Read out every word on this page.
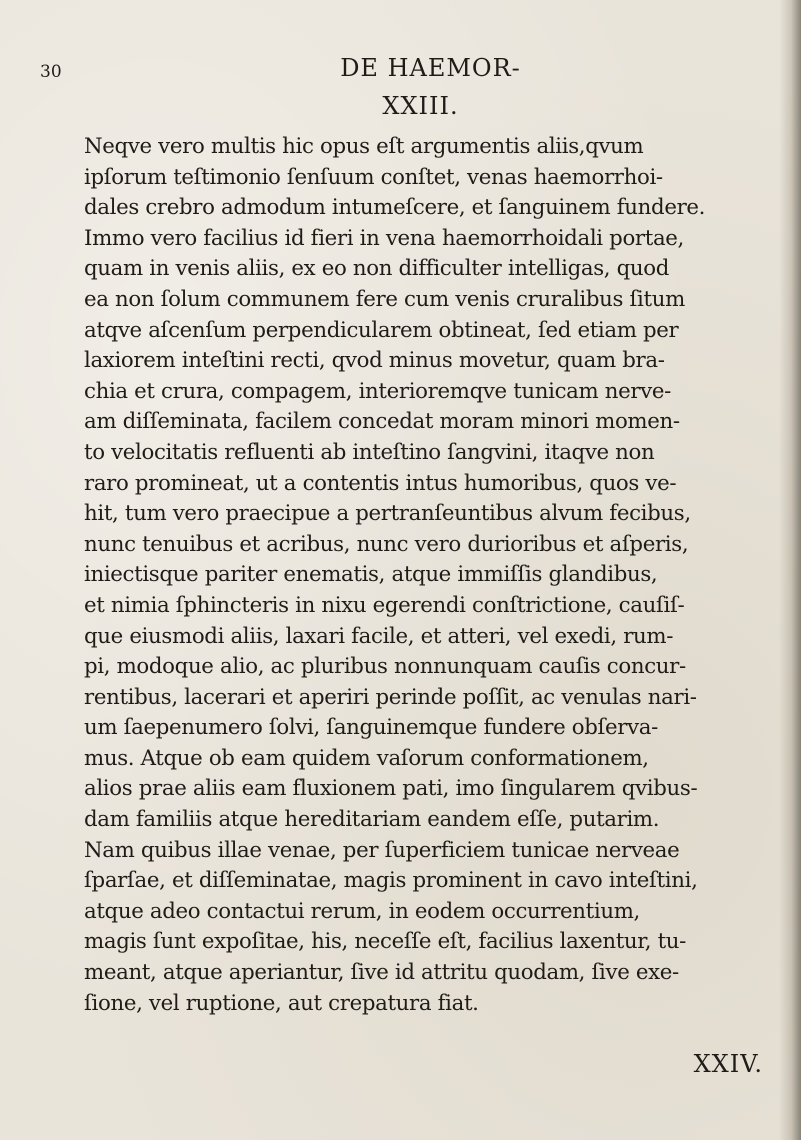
30	DE HAEMOR-
XXIII.
Neqve vero multis hic opus eſt argumentis aliis,qvum
ipſorum teſtimonio ſenſuum conſtet, venas haemorrhoi-
dales crebro admodum intumeſcere, et ſanguinem fundere.
Immo vero facilius id fieri in vena haemorrhoidali portae,
quam in venis aliis, ex eo non difficulter intelligas, quod
ea non ſolum communem fere cum venis cruralibus ſitum
atqve aſcenſum perpendicularem obtineat, ſed etiam per
laxiorem inteſtini recti, qvod minus movetur, quam bra-
chia et crura, compagem, interioremqve tunicam nerve-
am diſſeminata, facilem concedat moram minori momen-
to velocitatis refluenti ab inteſtino ſangvini, itaqve non
raro promineat, ut a contentis intus humoribus, quos ve-
hit, tum vero praecipue a pertranſeuntibus alvum fecibus,
nunc tenuibus et acribus, nunc vero durioribus et aſperis,
iniectisque pariter enematis, atque immiſſis glandibus,
et nimia ſphincteris in nixu egerendi conſtrictione, cauſiſ-
que eiusmodi aliis, laxari facile, et atteri, vel exedi, rum-
pi, modoque alio, ac pluribus nonnunquam cauſis concur-
rentibus, lacerari et aperiri perinde poſſit, ac venulas nari-
um ſaepenumero ſolvi, ſanguinemque fundere obſerva-
mus. Atque ob eam quidem vaſorum conformationem,
alios prae aliis eam fluxionem pati, imo ſingularem qvibus-
dam familiis atque hereditariam eandem eſſe, putarim.
Nam quibus illae venae, per ſuperficiem tunicae nerveae
ſparſae, et diſſeminatae, magis prominent in cavo inteſtini,
atque adeo contactui rerum, in eodem occurrentium,
magis ſunt expoſitae, his, neceſſe eſt, facilius laxentur, tu-
meant, atque aperiantur, ſive id attritu quodam, ſive exe-
ſione, vel ruptione, aut crepatura fiat.
XXIV.
